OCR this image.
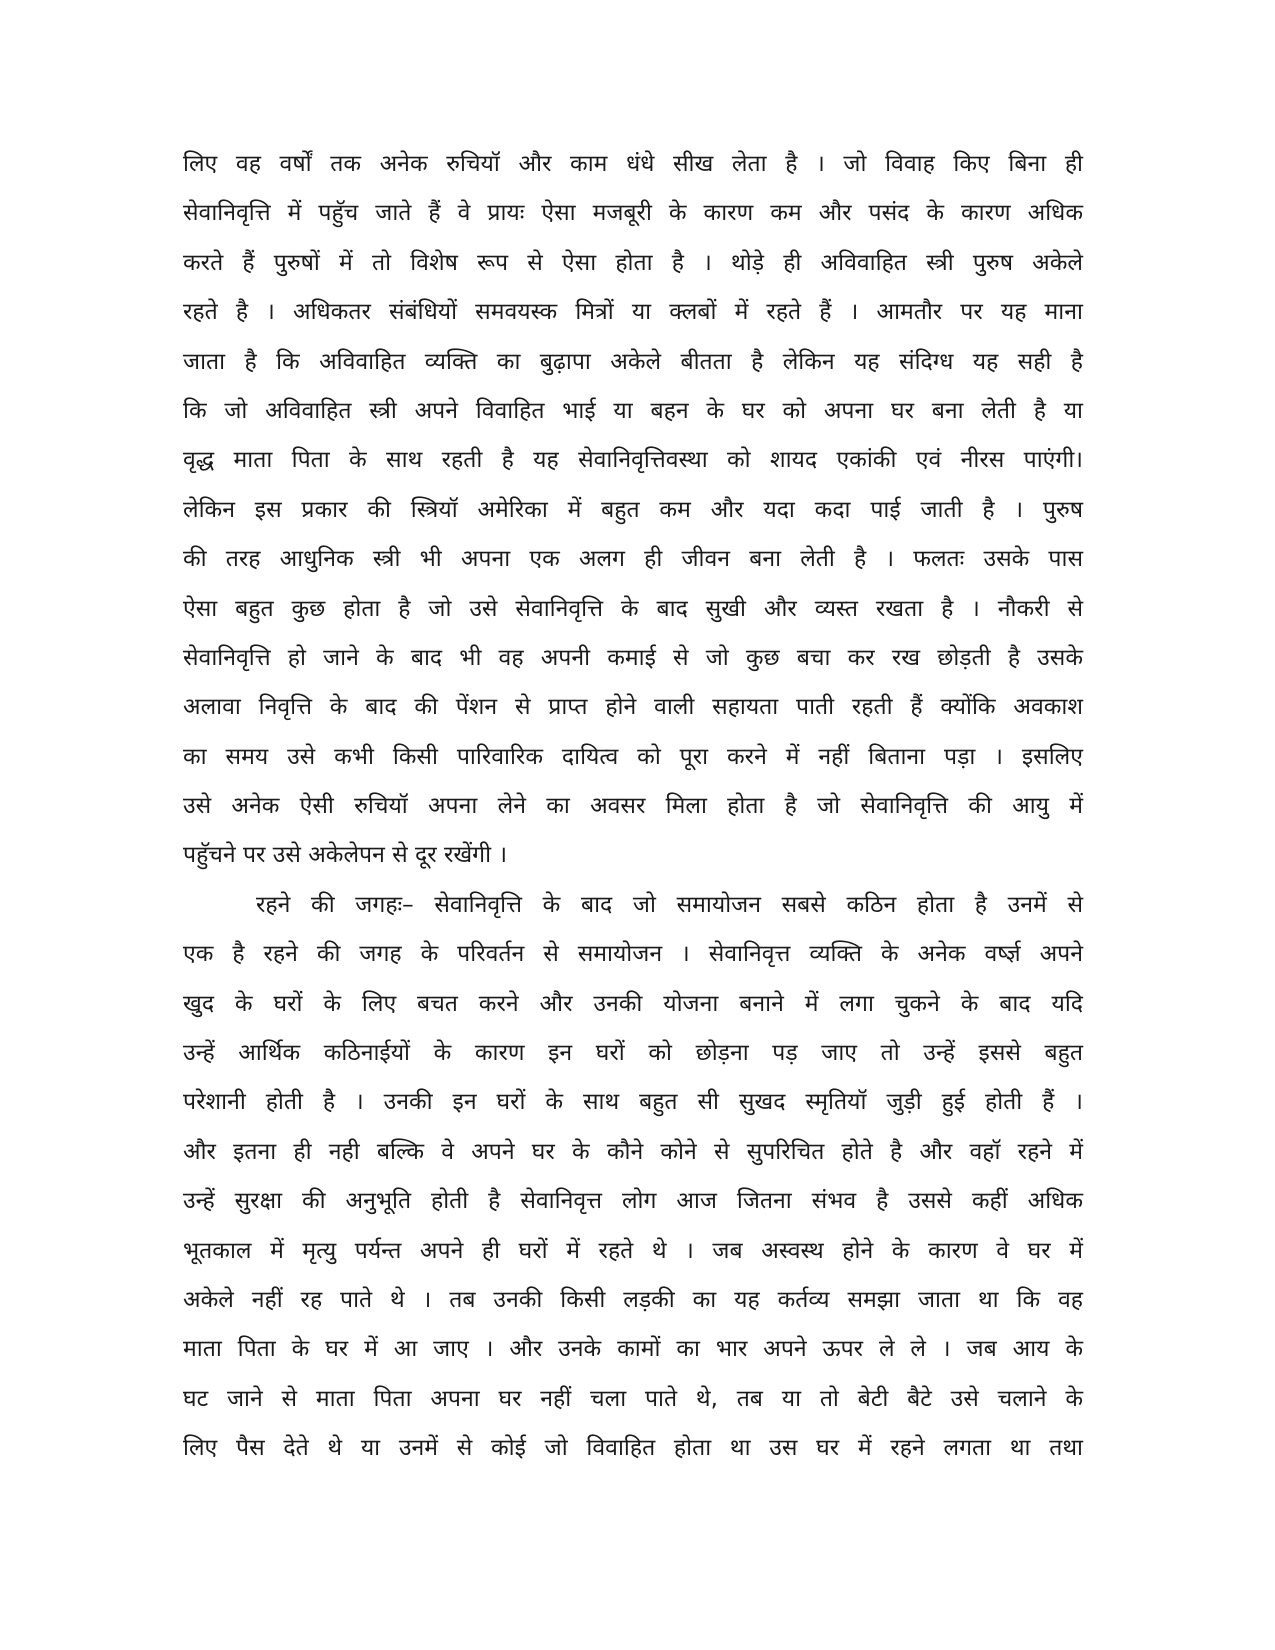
लिए वह वर्षों तक अनेक रुचियॉ और काम धंधे सीख लेता है । जो विवाह किए बिना ही
सेवानिवृत्ति में पहुॅच जाते हैं वे प्रायः ऐसा मजबूरी के कारण कम और पसंद के कारण अधिक
करते हैं पुरुषों में तो विशेष रूप से ऐसा होता है । थोड़े ही अविवाहित स्त्री पुरुष अकेले
रहते है । अधिकतर संबंधियों समवयस्क मित्रों या क्लबों में रहते हैं । आमतौर पर यह माना
जाता है कि अविवाहित व्यक्ति का बुढ़ापा अकेले बीतता है लेकिन यह संदिग्ध यह सही है
कि जो अविवाहित स्त्री अपने विवाहित भाई या बहन के घर को अपना घर बना लेती है या
वृद्ध माता पिता के साथ रहती है यह सेवानिवृत्तिवस्था को शायद एकांकी एवं नीरस पाएंगी।
लेकिन इस प्रकार की स्त्रियॉ अमेरिका में बहुत कम और यदा कदा पाई जाती है । पुरुष
की तरह आधुनिक स्त्री भी अपना एक अलग ही जीवन बना लेती है । फलतः उसके पास
ऐसा बहुत कुछ होता है जो उसे सेवानिवृत्ति के बाद सुखी और व्यस्त रखता है । नौकरी से
सेवानिवृत्ति हो जाने के बाद भी वह अपनी कमाई से जो कुछ बचा कर रख छोड़ती है उसके
अलावा निवृत्ति के बाद की पेंशन से प्राप्त होने वाली सहायता पाती रहती हैं क्योंकि अवकाश
का समय उसे कभी किसी पारिवारिक दायित्व को पूरा करने में नहीं बिताना पड़ा । इसलिए
उसे अनेक ऐसी रुचियॉ अपना लेने का अवसर मिला होता है जो सेवानिवृत्ति की आयु में
पहुॅचने पर उसे अकेलेपन से दूर रखेंगी ।
रहने की जगहः– सेवानिवृत्ति के बाद जो समायोजन सबसे कठिन होता है उनमें से
एक है रहने की जगह के परिवर्तन से समायोजन । सेवानिवृत्त व्यक्ति के अनेक वर्ष्ज्ञ अपने
खुद के घरों के लिए बचत करने और उनकी योजना बनाने में लगा चुकने के बाद यदि
उन्हें आर्थिक कठिनाईयों के कारण इन घरों को छोड़ना पड़ जाए तो उन्हें इससे बहुत
परेशानी होती है । उनकी इन घरों के साथ बहुत सी सुखद स्मृतियॉ जुड़ी हुई होती हैं ।
और इतना ही नही बल्कि वे अपने घर के कौने कोने से सुपरिचित होते है और वहॉ रहने में
उन्हें सुरक्षा की अनुभूति होती है सेवानिवृत्त लोग आज जितना संभव है उससे कहीं अधिक
भूतकाल में मृत्यु पर्यन्त अपने ही घरों में रहते थे । जब अस्वस्थ होने के कारण वे घर में
अकेले नहीं रह पाते थे । तब उनकी किसी लड़की का यह कर्तव्य समझा जाता था कि वह
माता पिता के घर में आ जाए । और उनके कामों का भार अपने ऊपर ले ले । जब आय के
घट जाने से माता पिता अपना घर नहीं चला पाते थे, तब या तो बेटी बैटे उसे चलाने के
लिए पैस देते थे या उनमें से कोई जो विवाहित होता था उस घर में रहने लगता था तथा
